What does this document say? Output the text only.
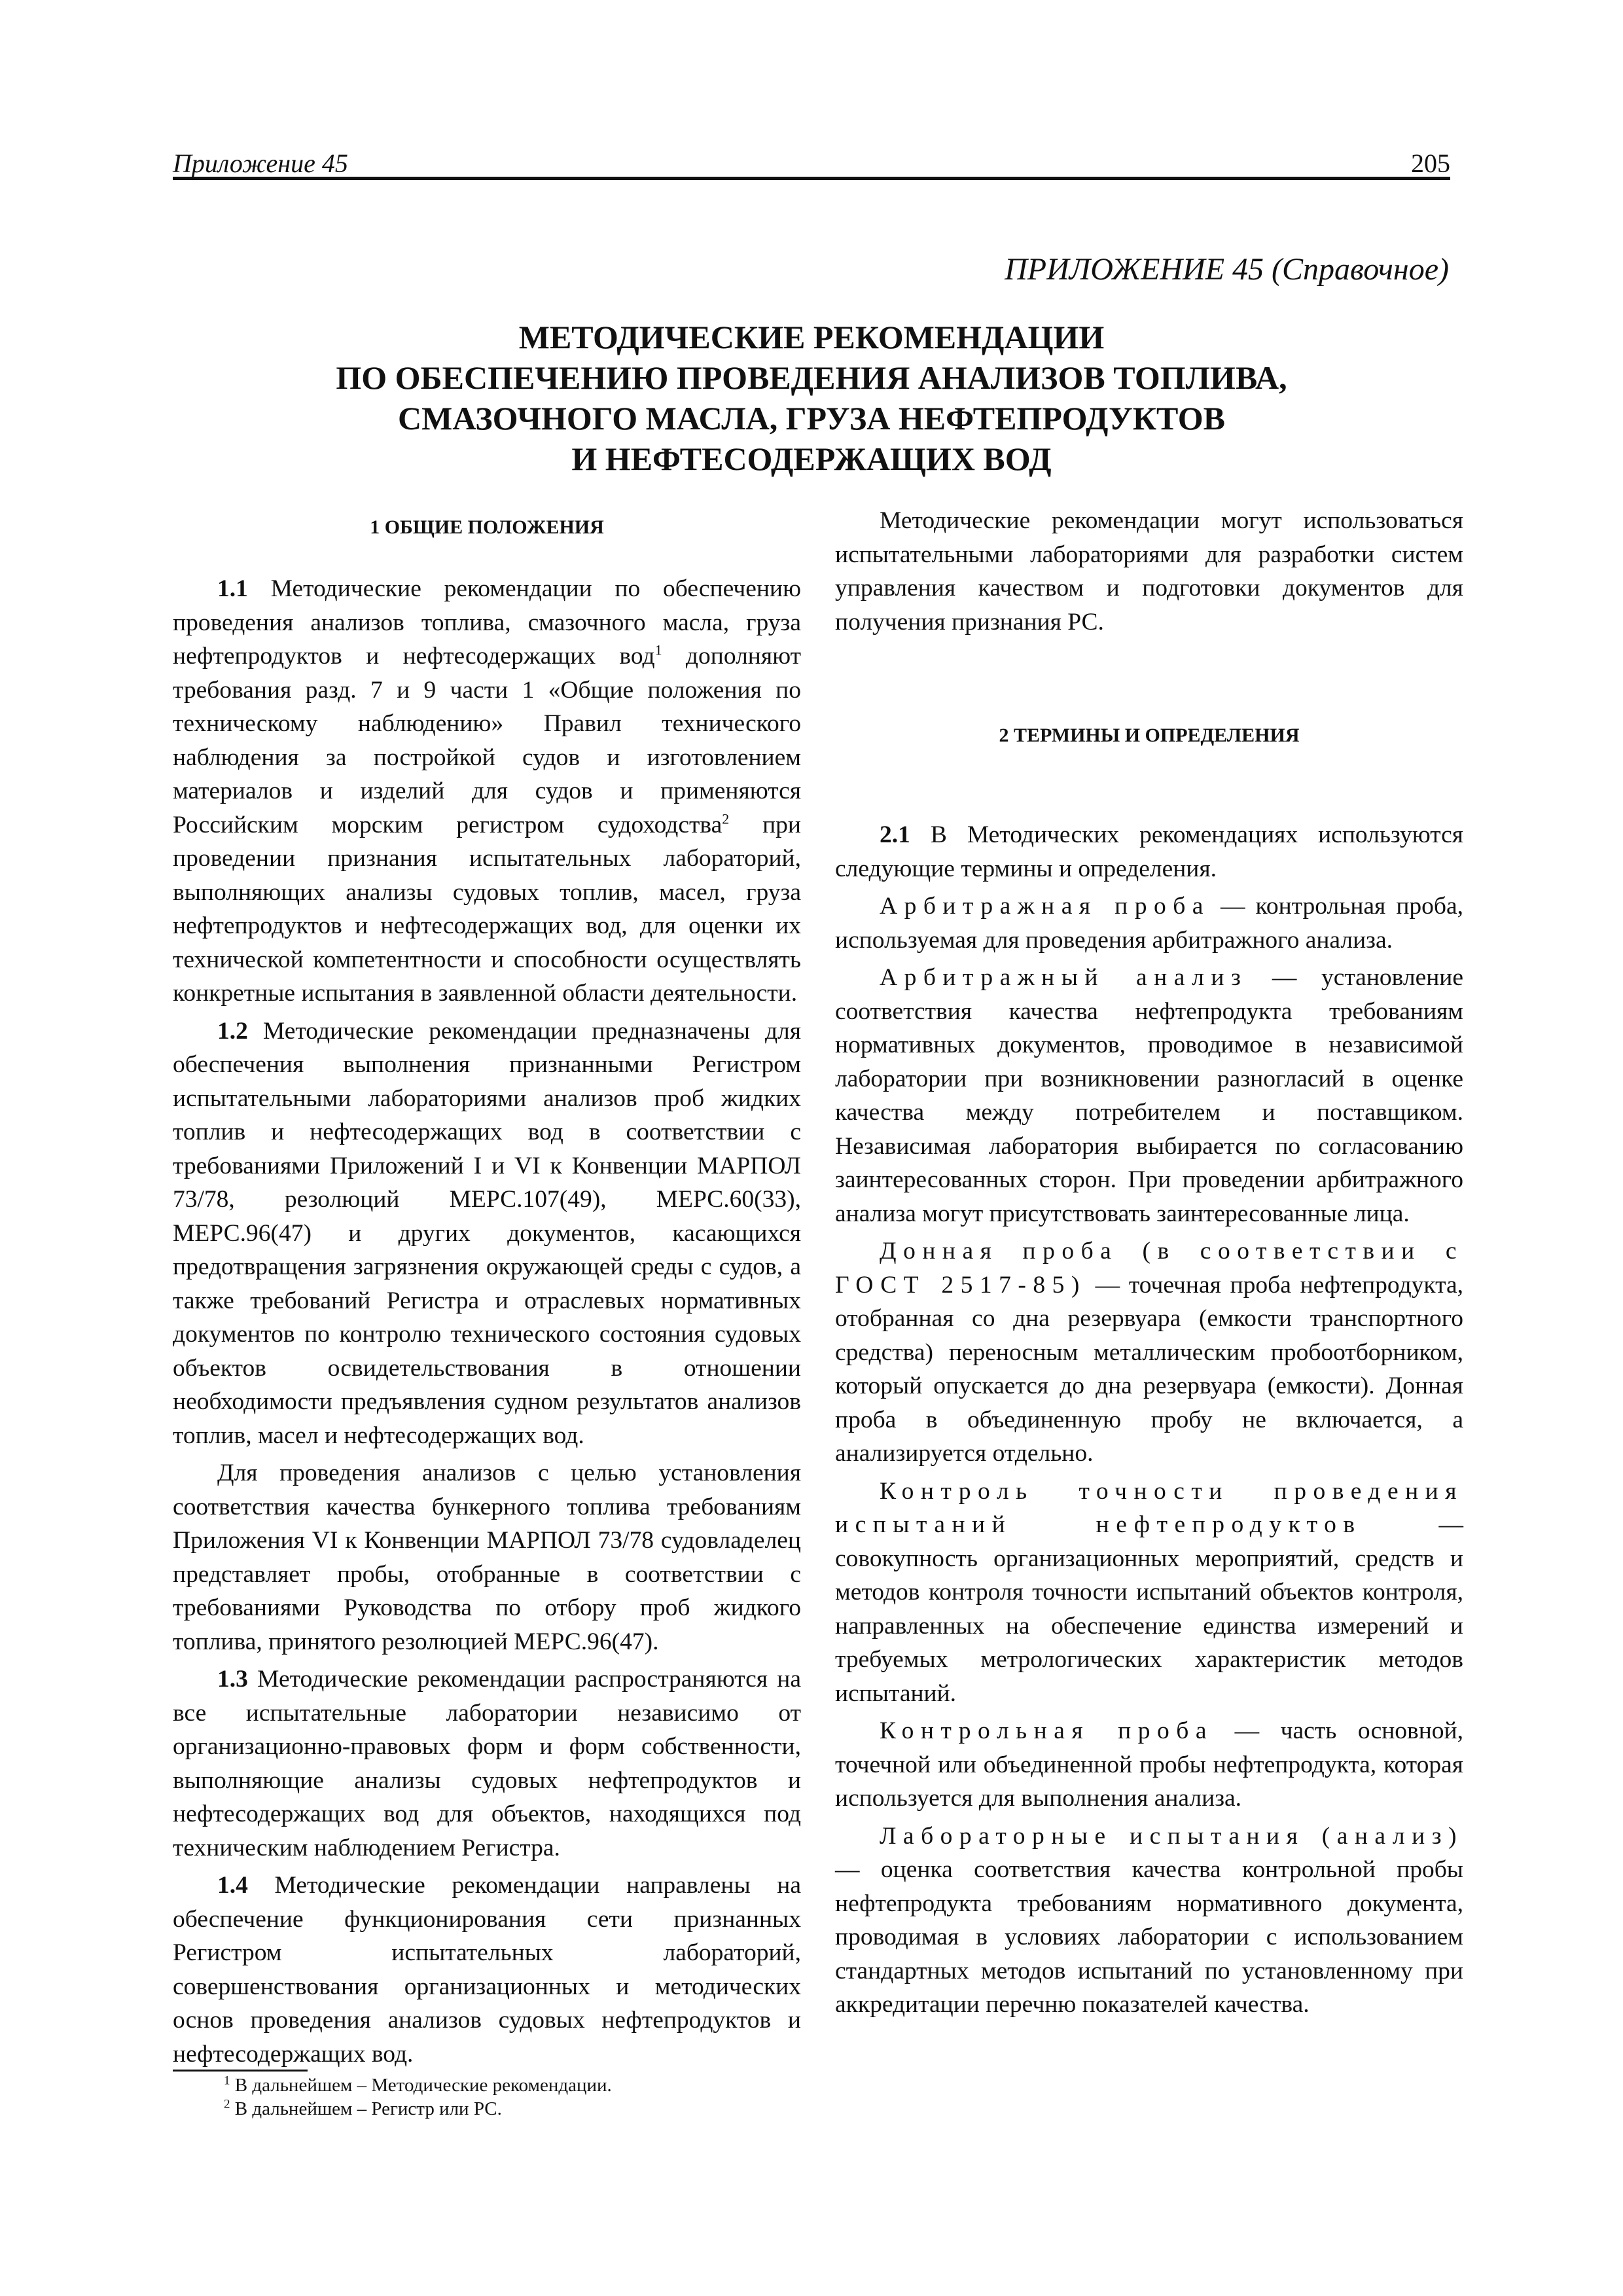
Приложение 45	205
ПРИЛОЖЕНИЕ 45 (Справочное)
МЕТОДИЧЕСКИЕ РЕКОМЕНДАЦИИ
ПО ОБЕСПЕЧЕНИЮ ПРОВЕДЕНИЯ АНАЛИЗОВ ТОПЛИВА,
СМАЗОЧНОГО МАСЛА, ГРУЗА НЕФТЕПРОДУКТОВ
И НЕФТЕСОДЕРЖАЩИХ ВОД
1 ОБЩИЕ ПОЛОЖЕНИЯ

1.1 Методические рекомендации по обеспечению проведения анализов топлива, смазочного масла, груза нефтепродуктов и нефтесодержащих вод$^1$ дополняют требования разд. 7 и 9 части 1 «Общие положения по техническому наблюдению» Правил технического наблюдения за постройкой судов и изготовлением материалов и изделий для судов и применяются Российским морским регистром судоходства$^2$ при проведении признания испытательных лабораторий, выполняющих анализы судовых топлив, масел, груза нефтепродуктов и нефтесодержащих вод, для оценки их технической компетентности и способности осуществлять конкретные испытания в заявленной области деятельности.

1.2 Методические рекомендации предназначены для обеспечения выполнения признанными Регистром испытательными лабораториями анализов проб жидких топлив и нефтесодержащих вод в соответствии с требованиями Приложений I и VI к Конвенции МАРПОЛ 73/78, резолюций МЕРС.107(49), МЕРС.60(33), МЕРС.96(47) и других документов, касающихся предотвращения загрязнения окружающей среды с судов, а также требований Регистра и отраслевых нормативных документов по контролю технического состояния судовых объектов освидетельствования в отношении необходимости предъявления судном результатов анализов топлив, масел и нефтесодержащих вод.

Для проведения анализов с целью установления соответствия качества бункерного топлива требованиям Приложения VI к Конвенции МАРПОЛ 73/78 судовладелец представляет пробы, отобранные в соответствии с требованиями Руководства по отбору проб жидкого топлива, принятого резолюцией МЕРС.96(47).

1.3 Методические рекомендации распространяются на все испытательные лаборатории независимо от организационно-правовых форм и форм собственности, выполняющие анализы судовых нефтепродуктов и нефтесодержащих вод для объектов, находящихся под техническим наблюдением Регистра.

1.4 Методические рекомендации направлены на обеспечение функционирования сети признанных Регистром испытательных лабораторий, совершенствования организационных и методических основ проведения анализов судовых нефтепродуктов и нефтесодержащих вод.

Методические рекомендации могут использоваться испытательными лабораториями для разработки систем управления качеством и подготовки документов для получения признания РС.

2 ТЕРМИНЫ И ОПРЕДЕЛЕНИЯ

2.1 В Методических рекомендациях используются следующие термины и определения.

Арбитражная проба — контрольная проба, используемая для проведения арбитражного анализа.

Арбитражный анализ — установление соответствия качества нефтепродукта требованиям нормативных документов, проводимое в независимой лаборатории при возникновении разногласий в оценке качества между потребителем и поставщиком. Независимая лаборатория выбирается по согласованию заинтересованных сторон. При проведении арбитражного анализа могут присутствовать заинтересованные лица.

Донная проба (в соответствии с ГОСТ 2517-85) — точечная проба нефтепродукта, отобранная со дна резервуара (емкости транспортного средства) переносным металлическим пробоотборником, который опускается до дна резервуара (емкости). Донная проба в объединенную пробу не включается, а анализируется отдельно.

Контроль точности проведения испытаний нефтепродуктов	— совокупность организационных мероприятий, средств и методов контроля точности испытаний объектов контроля, направленных на обеспечение единства измерений и требуемых метрологических характеристик методов испытаний.

Контрольная проба — часть основной, точечной или объединенной пробы нефтепродукта, которая используется для выполнения анализа.

Лабораторные испытания (анализ) — оценка соответствия качества контрольной пробы нефтепродукта требованиям нормативного документа, проводимая в условиях лаборатории с использованием стандартных методов испытаний по установленному при аккредитации перечню показателей качества.

$^1$ В дальнейшем – Методические рекомендации.
$^2$ В дальнейшем – Регистр или РС.
